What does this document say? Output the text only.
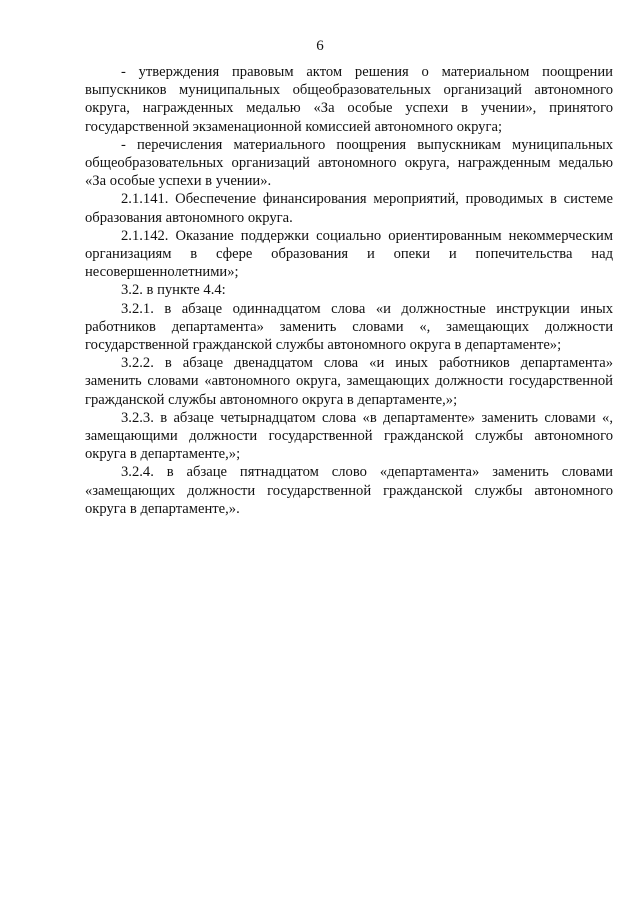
6

- утверждения правовым актом решения о материальном поощрении выпускников муниципальных общеобразовательных организаций автономного округа, награжденных медалью «За особые успехи в учении», принятого государственной экзаменационной комиссией автономного округа;

- перечисления материального поощрения выпускникам муниципальных общеобразовательных организаций автономного округа, награжденным медалью «За особые успехи в учении».

2.1.141. Обеспечение финансирования мероприятий, проводимых в системе образования автономного округа.

2.1.142. Оказание поддержки социально ориентированным некоммерческим организациям в сфере образования и опеки и попечительства над несовершеннолетними»;

3.2. в пункте 4.4:

3.2.1. в абзаце одиннадцатом слова «и должностные инструкции иных работников департамента» заменить словами «, замещающих должности государственной гражданской службы автономного округа в департаменте»;

3.2.2. в абзаце двенадцатом слова «и иных работников департамента» заменить словами «автономного округа, замещающих должности государственной гражданской службы автономного округа в департаменте,»;

3.2.3. в абзаце четырнадцатом слова «в департаменте» заменить словами «, замещающими должности государственной гражданской службы автономного округа в департаменте,»;

3.2.4. в абзаце пятнадцатом слово «департамента» заменить словами «замещающих должности государственной гражданской службы автономного округа в департаменте,».
